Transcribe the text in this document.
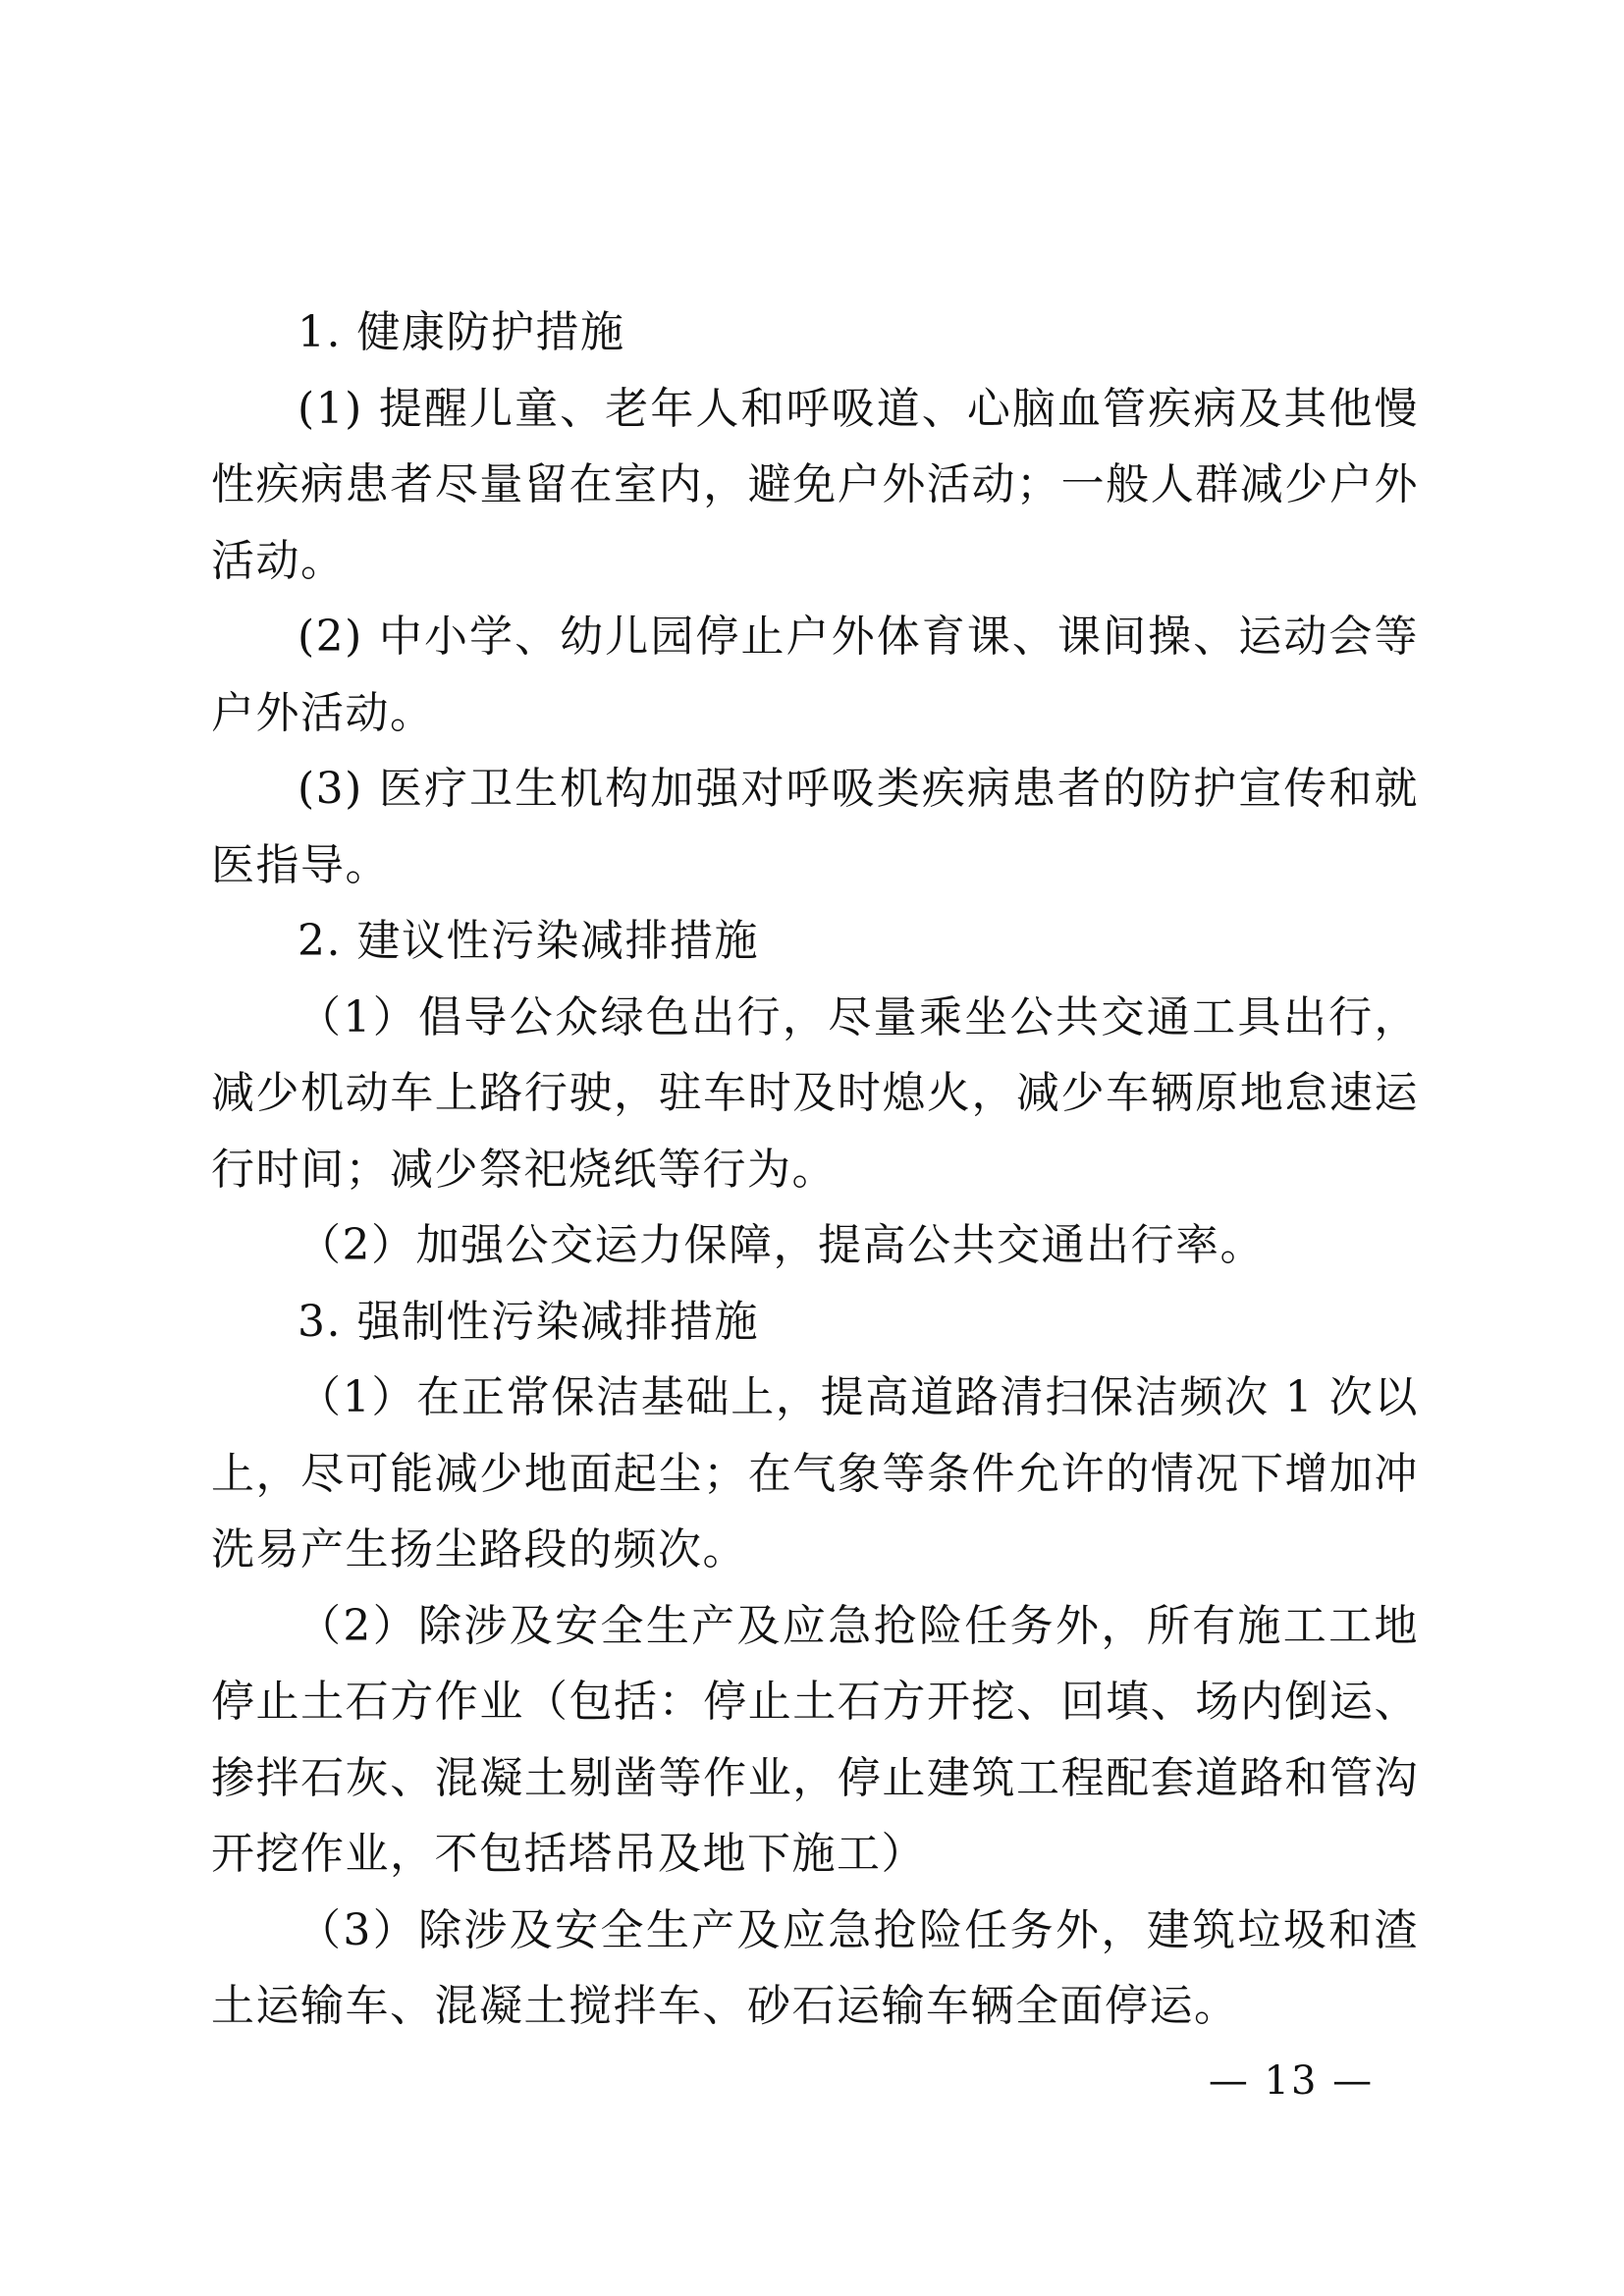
1. 健康防护措施

(1) 提醒儿童、老年人和呼吸道、心脑血管疾病及其他慢性疾病患者尽量留在室内，避免户外活动；一般人群减少户外活动。

(2) 中小学、幼儿园停止户外体育课、课间操、运动会等户外活动。

(3) 医疗卫生机构加强对呼吸类疾病患者的防护宣传和就医指导。

2. 建议性污染减排措施

（1）倡导公众绿色出行，尽量乘坐公共交通工具出行，减少机动车上路行驶，驻车时及时熄火，减少车辆原地怠速运行时间；减少祭祀烧纸等行为。

（2）加强公交运力保障，提高公共交通出行率。

3. 强制性污染减排措施

（1）在正常保洁基础上，提高道路清扫保洁频次 1 次以上，尽可能减少地面起尘；在气象等条件允许的情况下增加冲洗易产生扬尘路段的频次。

（2）除涉及安全生产及应急抢险任务外，所有施工工地停止土石方作业（包括：停止土石方开挖、回填、场内倒运、掺拌石灰、混凝土剔凿等作业，停止建筑工程配套道路和管沟开挖作业，不包括塔吊及地下施工）

（3）除涉及安全生产及应急抢险任务外，建筑垃圾和渣土运输车、混凝土搅拌车、砂石运输车辆全面停运。

— 13 —
